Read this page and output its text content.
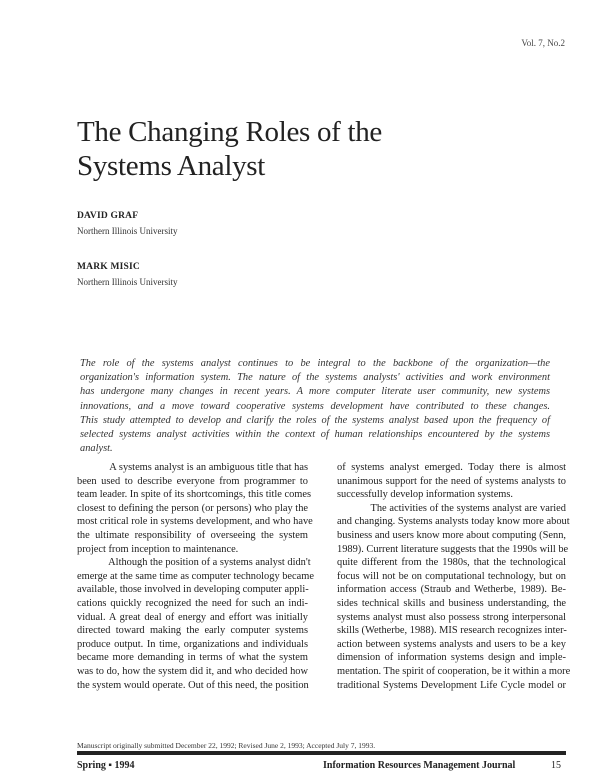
Vol. 7, No.2
The Changing Roles of the
Systems Analyst
DAVID GRAF
Northern Illinois University
MARK MISIC
Northern Illinois University
The role of the systems analyst continues to be integral to the backbone of the organization—the
organization's information system. The nature of the systems analysts' activities and work environment
has undergone many changes in recent years. A more computer literate user community, new systems
innovations, and a move toward cooperative systems development have contributed to these changes.
This study attempted to develop and clarify the roles of the systems analyst based upon the frequency of
selected systems analyst activities within the context of human relationships encountered by the systems
analyst.
A systems analyst is an ambiguous title that has
been used to describe everyone from programmer to
team leader. In spite of its shortcomings, this title comes
closest to defining the person (or persons) who play the
most critical role in systems development, and who have
the ultimate responsibility of overseeing the system
project from inception to maintenance.
Although the position of a systems analyst didn't
emerge at the same time as computer technology became
available, those involved in developing computer appli-
cations quickly recognized the need for such an indi-
vidual. A great deal of energy and effort was initially
directed toward making the early computer systems
produce output. In time, organizations and individuals
became more demanding in terms of what the system
was to do, how the system did it, and who decided how
the system would operate. Out of this need, the position
of systems analyst emerged. Today there is almost
unanimous support for the need of systems analysts to
successfully develop information systems.
The activities of the systems analyst are varied
and changing. Systems analysts today know more about
business and users know more about computing (Senn,
1989). Current literature suggests that the 1990s will be
quite different from the 1980s, that the technological
focus will not be on computational technology, but on
information access (Straub and Wetherbe, 1989). Be-
sides technical skills and business understanding, the
systems analyst must also possess strong interpersonal
skills (Wetherbe, 1988). MIS research recognizes inter-
action between systems analysts and users to be a key
dimension of information systems design and imple-
mentation. The spirit of cooperation, be it within a more
traditional Systems Development Life Cycle model or
Manuscript originally submitted December 22, 1992; Revised June 2, 1993; Accepted July 7, 1993.
Spring ▪ 1994	Information Resources Management Journal	15
